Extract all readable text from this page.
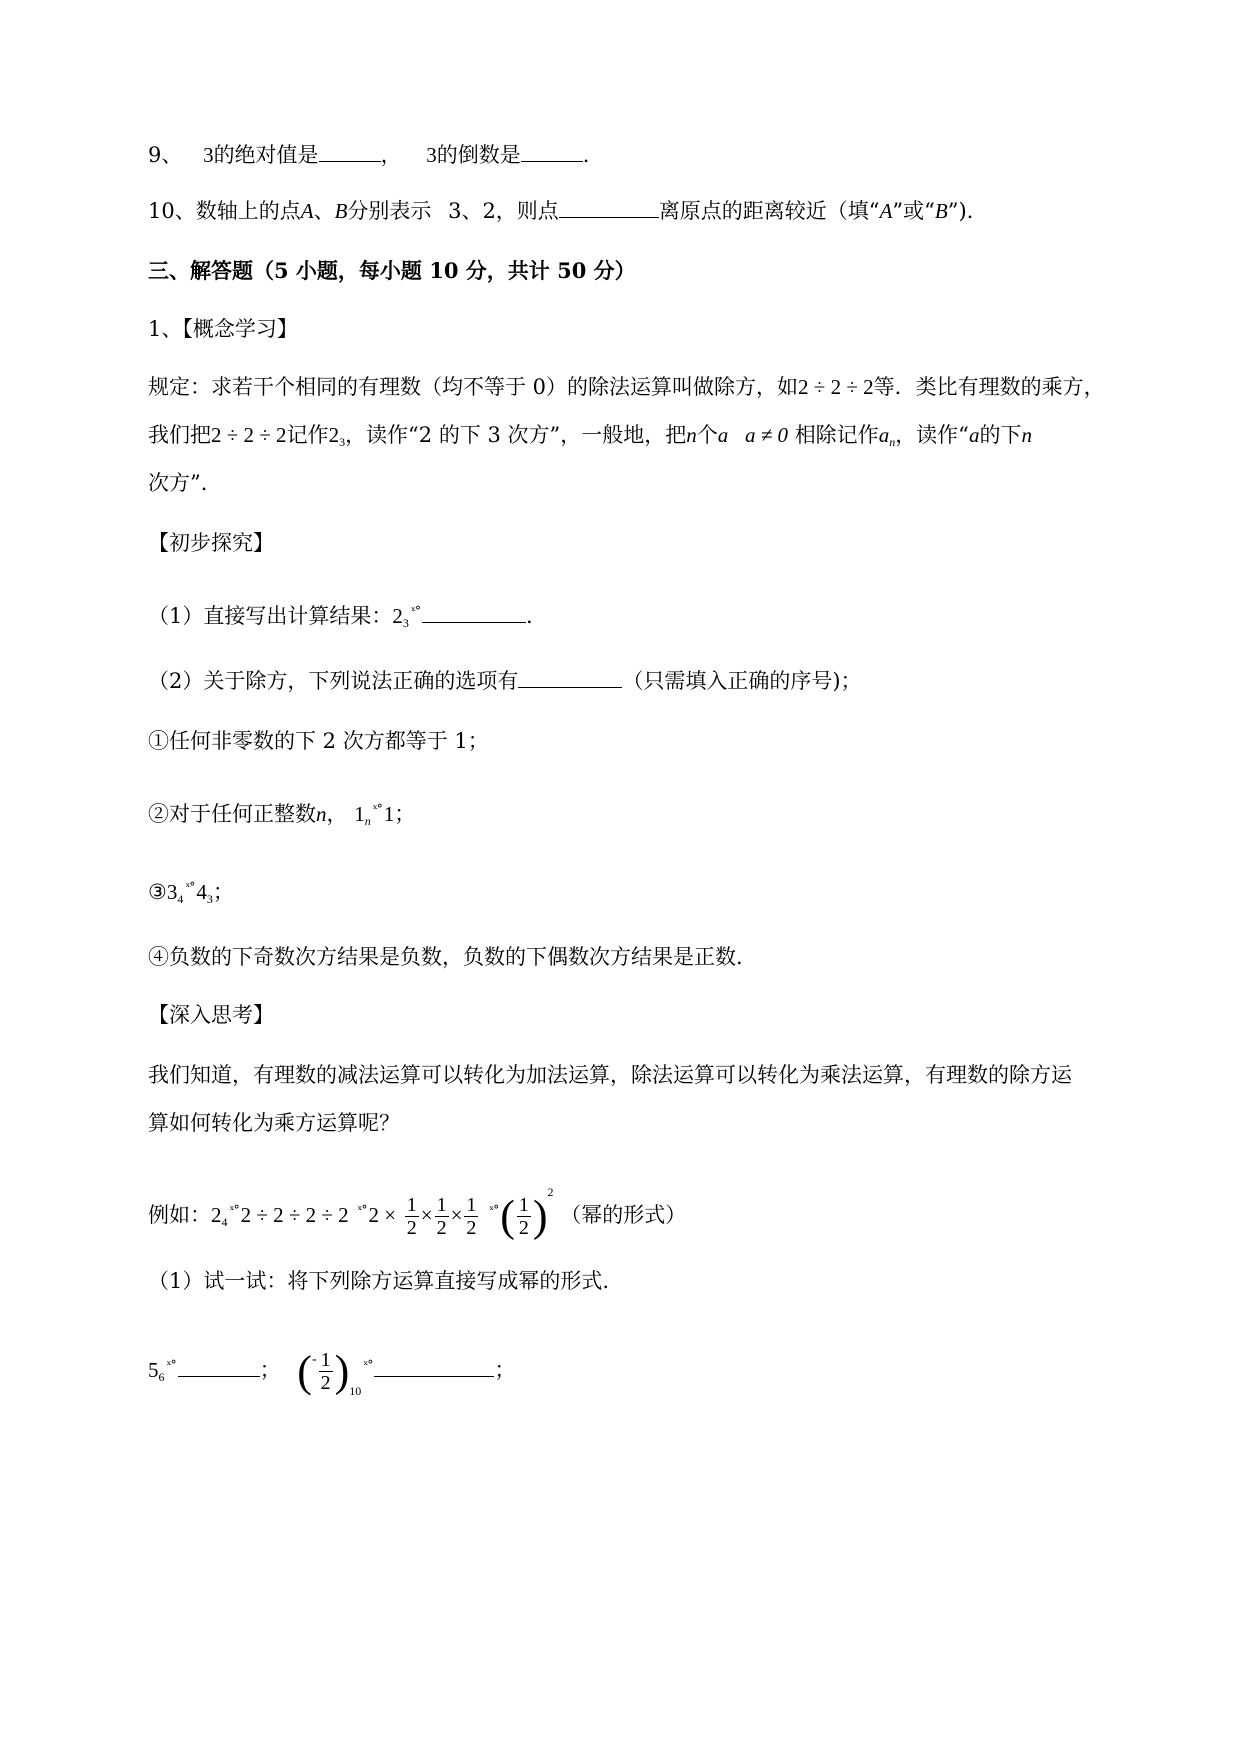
9、 3的绝对值是	， 3的倒数是	.
10、数轴上的点A、B分别表示 3、2，则点	离原点的距离较近（填“A”或“B”).
三、解答题（5 小题，每小题 10 分，共计 50 分）
1、【概念学习】
规定：求若干个相同的有理数（均不等于 0）的除法运算叫做除方，如2 ÷ 2 ÷ 2等．类比有理数的乘方，
我们把2 ÷ 2 ÷ 2记作$2_3$，读作“2 的下 3 次方”，一般地，把n个a a ≠ 0 相除记作$a_n$，读作“a的下n
次方”.
【初步探究】
（1）直接写出计算结果：$2_3^{ˣ^\circ}$	.
（2）关于除方，下列说法正确的选项有	（只需填入正确的序号)；
①任何非零数的下 2 次方都等于 1；
②对于任何正整数n， $1_n^{ˣ^\circ}1$；
$③3_4^{ˣ^\circ}4_3$；
④负数的下奇数次方结果是负数，负数的下偶数次方结果是正数.
【深入思考】
我们知道，有理数的减法运算可以转化为加法运算，除法运算可以转化为乘法运算，有理数的除方运
算如何转化为乘方运算呢？
例如：$2_4^{ˣ^\circ}2 \div 2 \div 2 \div 2$ $^{ˣ^\circ}2 \times \frac{1}{2} \times \frac{1}{2} \times \frac{1}{2} ^{ˣ^\circ}( \frac{1}{2} )^2$ （幂的形式）
（1）试一试：将下列除方运算直接写成幂的形式.
$5_6^{ˣ^\circ}$	； $(^- \frac{1}{2} )_{10}^{ˣ^\circ}$	；
